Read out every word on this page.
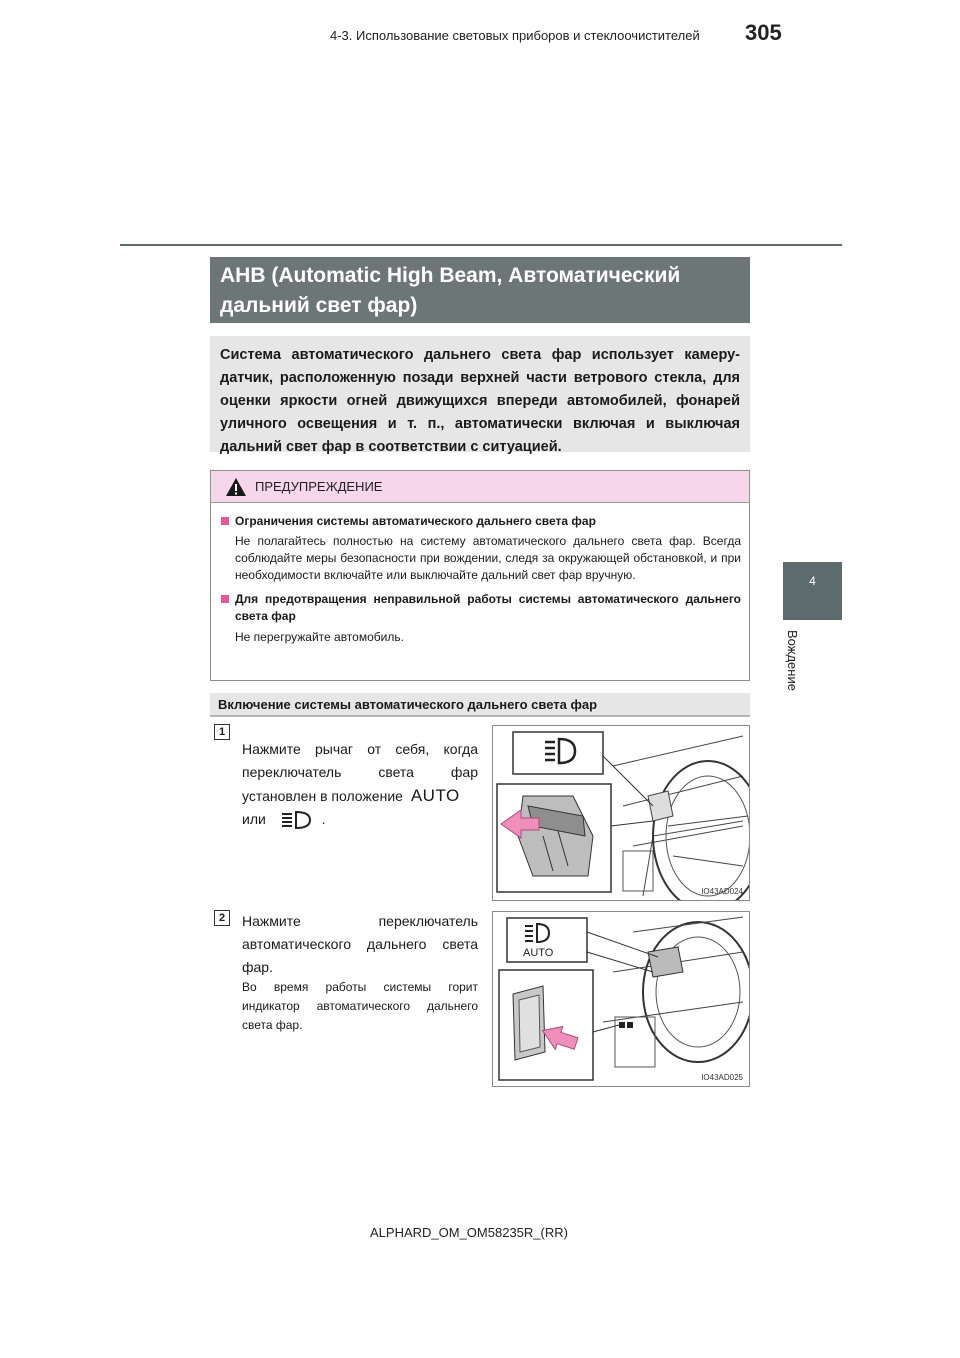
4-3. Использование световых приборов и стеклоочистителей 305
4
Вождение
AHB (Automatic High Beam, Автоматический дальний свет фар)
Система автоматического дальнего света фар использует камеру-датчик, расположенную позади верхней части ветрового стекла, для оценки яркости огней движущихся впереди автомобилей, фонарей уличного освещения и т. п., автоматически включая и выключая дальний свет фар в соответствии с ситуацией.
ПРЕДУПРЕЖДЕНИЕ
Ограничения системы автоматического дальнего света фар
Не полагайтесь полностью на систему автоматического дальнего света фар. Всегда соблюдайте меры безопасности при вождении, следя за окружающей обстановкой, и при необходимости включайте или выключайте дальний свет фар вручную.
Для предотвращения неправильной работы системы автоматического дальнего света фар
Не перегружайте автомобиль.
Включение системы автоматического дальнего света фар
1
Нажмите рычаг от себя, когда переключатель света фар установлен в положение AUTO
или	.
IO43AD024
2	Нажмите переключатель автоматического дальнего света фар.
Во время работы системы горит индикатор автоматического дальнего света фар.
AUTO
IO43AD025
ALPHARD_OM_OM58235R_(RR)
